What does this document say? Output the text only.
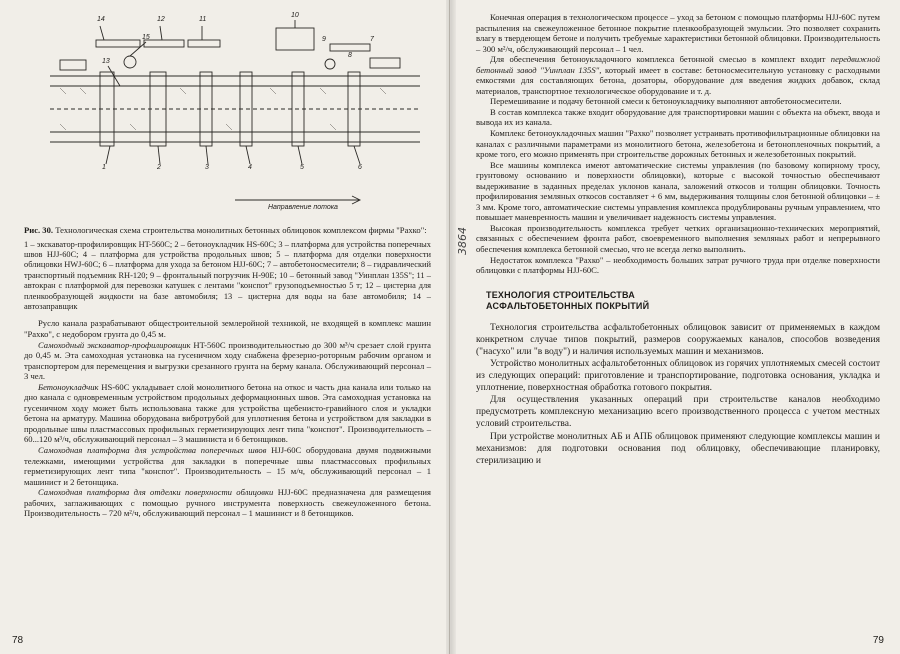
14	12	11
10
15
13
9
8
7
1	2	3	4	5	6
Направление потока
Рис. 30. Технологическая схема строительства монолитных бетонных облицовок комплексом фирмы "Рахко":
1 – экскаватор-профилировщик HT-560C; 2 – бетоноукладчик HS-60C; 3 – платформа для устройства поперечных швов HJJ-60C; 4 – платформа для устройства продольных швов; 5 – платформа для отделки поверхности облицовки HWJ-60C; 6 – платформа для ухода за бетоном HJJ-60C; 7 – автобетоносмесители; 8 – гидравлический транспортный подъемник RH-120; 9 – фронтальный погрузчик H-90E; 10 – бетонный завод "Уинплан 135S"; 11 – автокран с платформой для перевозки катушек с лентами "конспот" грузоподъемностью 5 т; 12 – цистерна для пленкообразующей жидкости на базе автомобиля; 13 – цистерна для воды на базе автомобиля; 14 – автозаправщик

Русло канала разрабатывают общестроительной землеройной техникой, не входящей в комплекс машин "Рахко", с недобором грунта до 0,45 м.

Самоходный экскаватор-профилировщик HT-560C производительностью до 300 м³/ч срезает слой грунта до 0,45 м. Эта самоходная установка на гусеничном ходу снабжена фрезерно-роторным рабочим органом и транспортером для перемещения и выгрузки срезанного грунта на берму канала. Обслуживающий персонал – 3 чел.

Бетоноукладчик HS-60C укладывает слой монолитного бетона на откос и часть дна канала или только на дно канала с одновременным устройством продольных деформационных швов. Эта самоходная установка на гусеничном ходу может быть использована также для устройства щебенисто-гравийного слоя и укладки бетона на арматуру. Машина оборудована вибротрубой для уплотнения бетона и устройством для закладки в продольные швы пластмассовых профильных герметизирующих лент типа "конспот". Производительность – 60...120 м³/ч, обслуживающий персонал – 3 машиниста и 6 бетонщиков.

Самоходная платформа для устройства поперечных швов HJJ-60C оборудована двумя подвижными тележками, имеющими устройства для закладки в поперечные швы пластмассовых профильных герметизирующих лент типа "конспот". Производительность – 15 м/ч, обслуживающий персонал – 1 машинист и 2 бетонщика.

Самоходная платформа для отделки поверхности облицовки HJJ-60C предназначена для размещения рабочих, заглаживающих с помощью ручного инструмента поверхность свежеуложенного бетона. Производительность – 720 м²/ч, обслуживающий персонал – 1 машинист и 8 бетонщиков.

78
3864

Конечная операция в технологическом процессе – уход за бетоном с помощью платформы HJJ-60C путем распыления на свежеуложенное бетонное покрытие пленкообразующей эмульсии. Это позволяет сохранить влагу в твердеющем бетоне и получить требуемые характеристики бетонной облицовки. Производительность – 300 м²/ч, обслуживающий персонал – 1 чел.

Для обеспечения бетоноукладочного комплекса бетонной смесью в комплект входит передвижной бетонный завод "Уинплан 135S", который имеет в составе: бетоносмесительную установку с расходными емкостями для составляющих бетона, дозаторы, оборудование для введения жидких добавок, склад материалов, транспортное технологическое оборудование и т. д.

Перемешивание и подачу бетонной смеси к бетоноукладчику выполняют автобетоносмесители.

В состав комплекса также входит оборудование для транспортировки машин с объекта на объект, ввода и вывода их из канала.

Комплекс бетоноукладочных машин "Рахко" позволяет устраивать противофильтрационные облицовки на каналах с различными параметрами из монолитного бетона, железобетона и бетонопленочных покрытий, а кроме того, его можно применять при строительстве дорожных бетонных и железобетонных покрытий.

Все машины комплекса имеют автоматические системы управления (по базовому копирному тросу, грунтовому основанию и поверхности облицовки), которые с высокой точностью обеспечивают выдерживание в заданных пределах уклонов канала, заложений откосов и толщин облицовки. Точность профилирования земляных откосов составляет + 6 мм, выдерживания толщины слоя бетонной облицовки – ± 3 мм. Кроме того, автоматические системы управления комплекса продублированы ручным управлением, что повышает маневренность машин и увеличивает надежность системы управления.

Высокая производительность комплекса требует четких организационно-технических мероприятий, связанных с обеспечением фронта работ, своевременного выполнения земляных работ и непрерывного обеспечения комплекса бетонной смесью, что не всегда легко выполнить.

Недостаток комплекса "Рахко" – необходимость больших затрат ручного труда при отделке поверхности облицовки с платформы HJJ-60C.

ТЕХНОЛОГИЯ СТРОИТЕЛЬСТВА
АСФАЛЬТОБЕТОННЫХ ПОКРЫТИЙ

Технология строительства асфальтобетонных облицовок зависит от применяемых в каждом конкретном случае типов покрытий, размеров сооружаемых каналов, способов возведения ("насухо" или "в воду") и наличия используемых машин и механизмов.

Устройство монолитных асфальтобетонных облицовок из горячих уплотняемых смесей состоит из следующих операций: приготовление и транспортирование, подготовка основания, укладка и уплотнение, поверхностная обработка готового покрытия.

Для осуществления указанных операций при строительстве каналов необходимо предусмотреть комплексную механизацию всего производственного процесса с учетом местных условий строительства.

При устройстве монолитных АБ и АПБ облицовок применяют следующие комплексы машин и механизмов: для подготовки основания под облицовку, обеспечивающие планировку, стерилизацию и

79
